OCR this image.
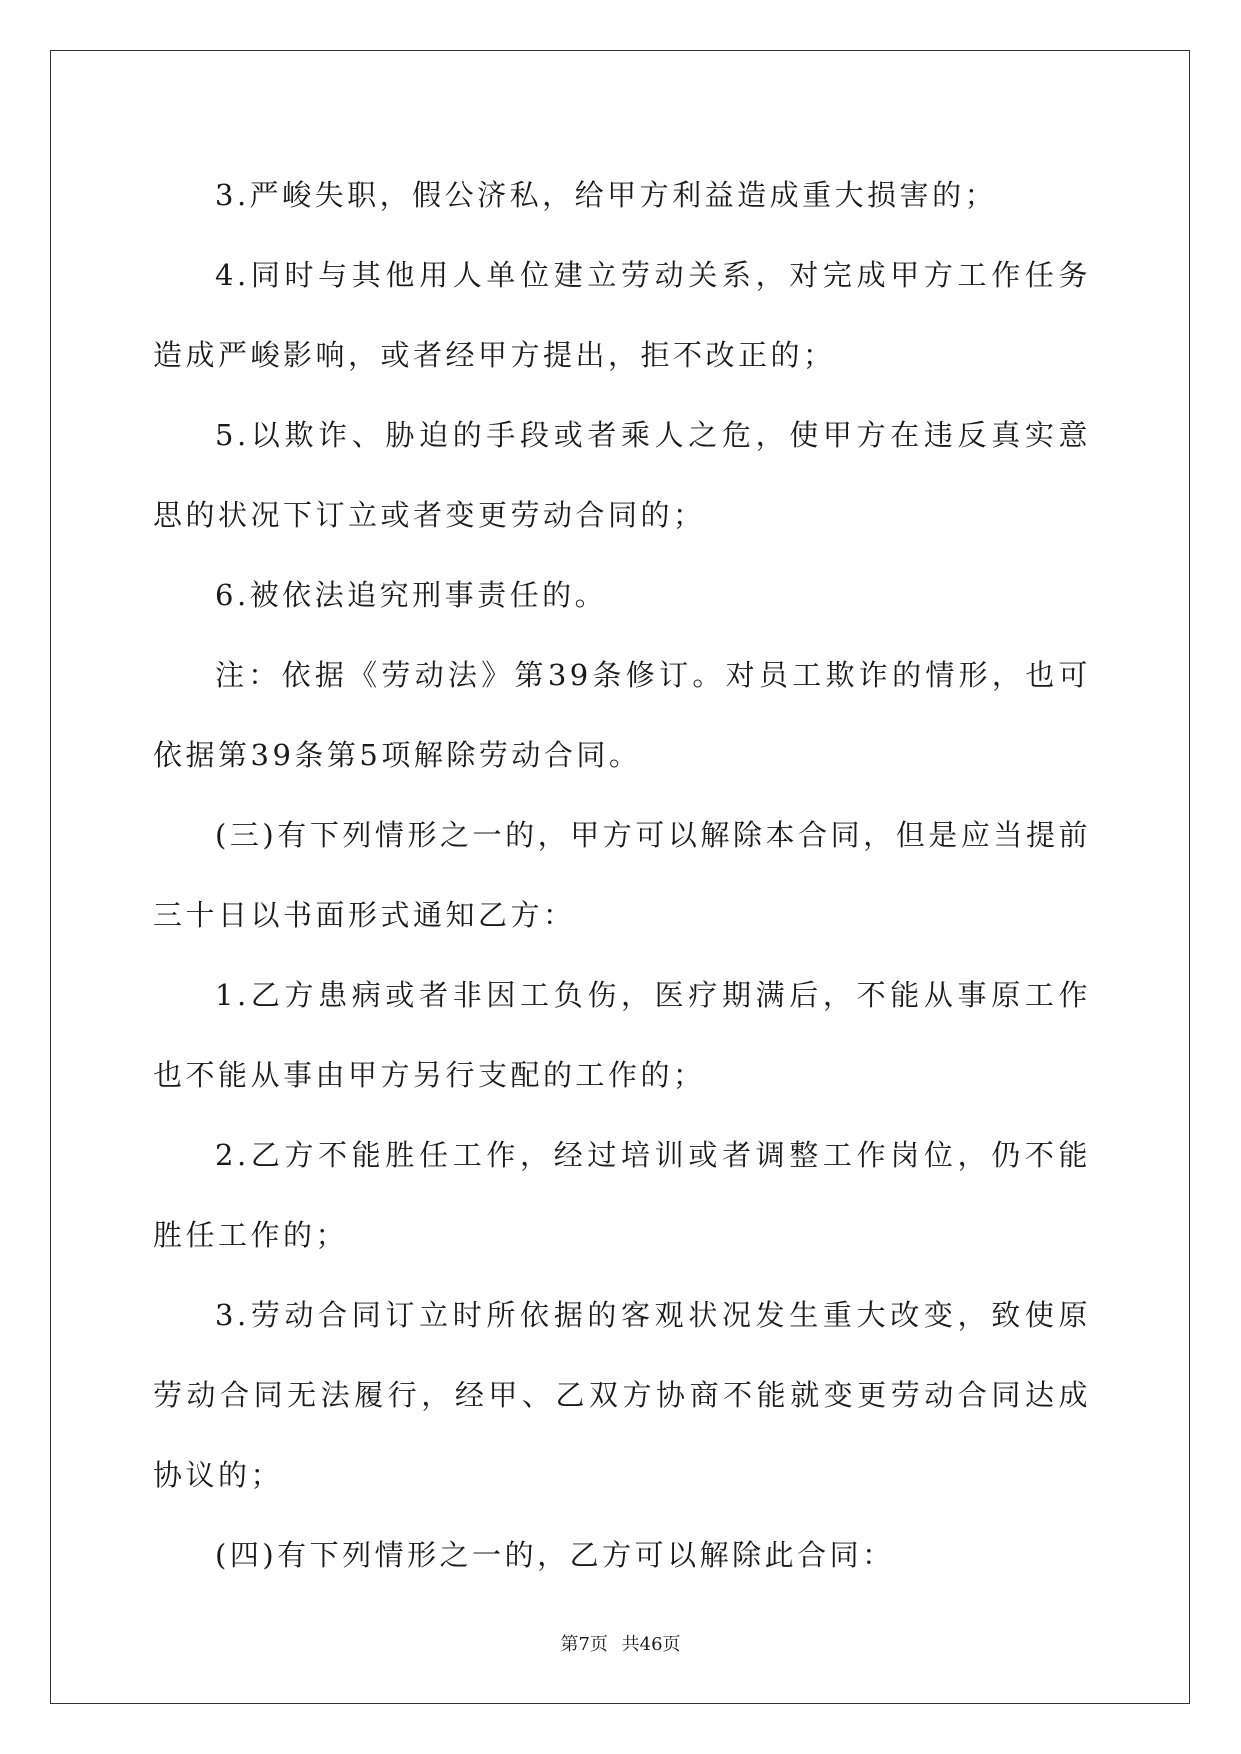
3.严峻失职，假公济私，给甲方利益造成重大损害的；

4.同时与其他用人单位建立劳动关系，对完成甲方工作任务造成严峻影响，或者经甲方提出，拒不改正的；

5.以欺诈、胁迫的手段或者乘人之危，使甲方在违反真实意思的状况下订立或者变更劳动合同的；

6.被依法追究刑事责任的。

注：依据《劳动法》第39条修订。对员工欺诈的情形，也可依据第39条第5项解除劳动合同。

(三)有下列情形之一的，甲方可以解除本合同，但是应当提前三十日以书面形式通知乙方：

1.乙方患病或者非因工负伤，医疗期满后，不能从事原工作也不能从事由甲方另行支配的工作的；

2.乙方不能胜任工作，经过培训或者调整工作岗位，仍不能胜任工作的；

3.劳动合同订立时所依据的客观状况发生重大改变，致使原劳动合同无法履行，经甲、乙双方协商不能就变更劳动合同达成协议的；

(四)有下列情形之一的，乙方可以解除此合同：

第7页 共46页
